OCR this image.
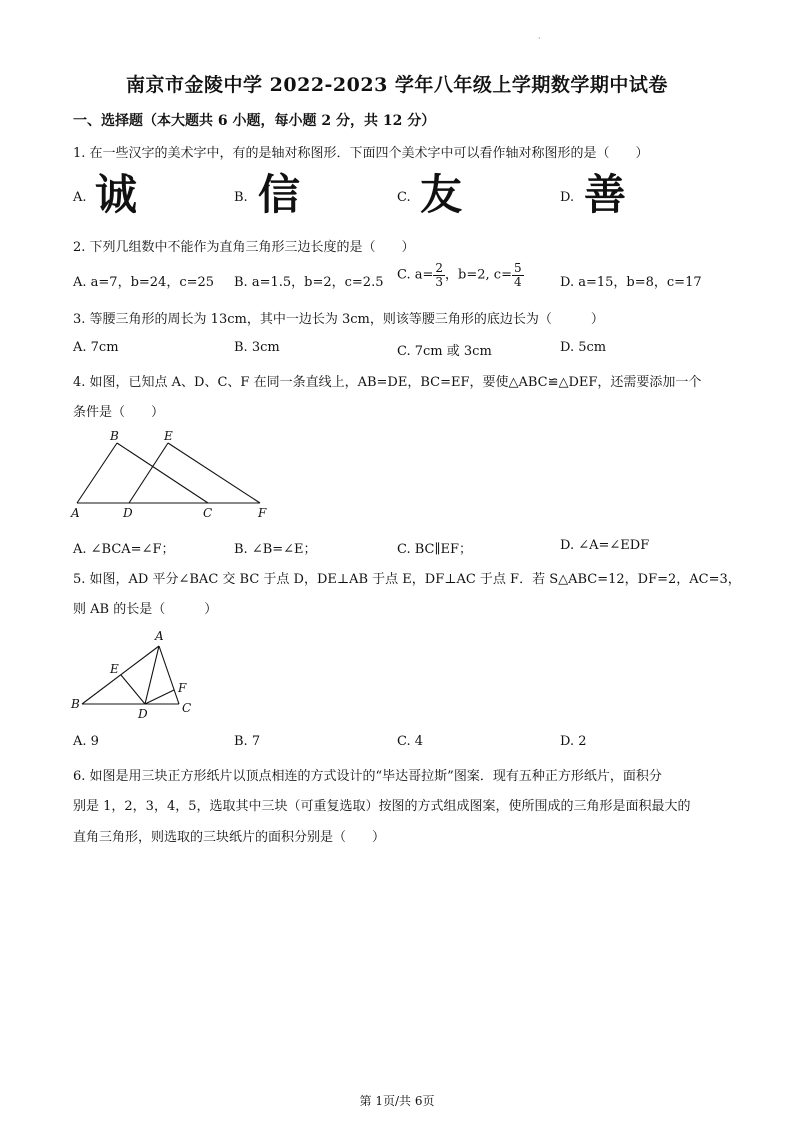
·
南京市金陵中学 2022-2023 学年八年级上学期数学期中试卷
一、选择题（本大题共 6 小题，每小题 2 分，共 12 分）
1. 在一些汉字的美术字中，有的是轴对称图形．下面四个美术字中可以看作轴对称图形的是（　　）
A. 诚	B. 信	C. 友	D. 善
2. 下列几组数中不能作为直角三角形三边长度的是（　　）
A. a=7，b=24，c=25 B. a=1.5，b=2，c=2.5 C. $a= \frac{2}{3}$ ，b=2, $c= \frac{5}{4}$	D. a=15，b=8，c=17
3. 等腰三角形的周长为 13cm，其中一边长为 3cm，则该等腰三角形的底边长为（　　　）
A. 7cm	B. 3cm	C. 7cm 或 3cm	D. 5cm
4. 如图，已知点 A、D、C、F 在同一条直线上，AB=DE，BC=EF，要使△ABC≌△DEF，还需要添加一个
条件是（　　）
B	E
A	D	C	F
A. ∠BCA=∠F；	B. ∠B=∠E；	C. BC∥EF；	D. ∠A=∠EDF
5. 如图，AD 平分∠BAC 交 BC 于点 D，DE⊥AB 于点 E，DF⊥AC 于点 F．若 S△ABC=12，DF=2，AC=3，
则 AB 的长是（　　　）
A
E
F
B
D	C
A. 9	B. 7	C. 4	D. 2
6. 如图是用三块正方形纸片以顶点相连的方式设计的“毕达哥拉斯”图案．现有五种正方形纸片，面积分
别是 1，2，3，4，5，选取其中三块（可重复选取）按图的方式组成图案，使所围成的三角形是面积最大的
直角三角形，则选取的三块纸片的面积分别是（　　）
第 1页/共 6页
